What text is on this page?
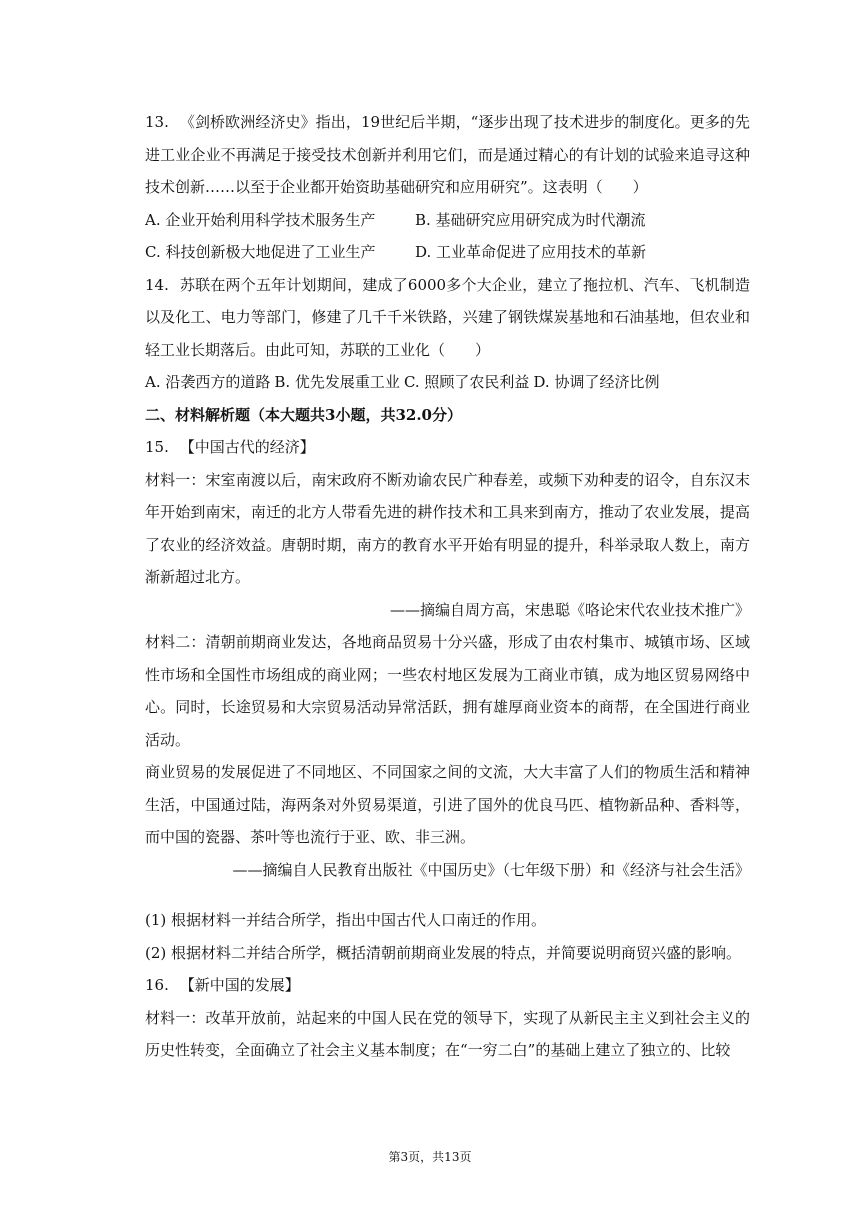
13. 《剑桥欧洲经济史》指出，19世纪后半期，“逐步出现了技术进步的制度化。更多的先进工业企业不再满足于接受技术创新并利用它们，而是通过精心的有计划的试验来追寻这种技术创新……以至于企业都开始资助基础研究和应用研究”。这表明（　　）

A. 企业开始利用科学技术服务生产	B. 基础研究应用研究成为时代潮流
C. 科技创新极大地促进了工业生产	D. 工业革命促进了应用技术的革新

14. 苏联在两个五年计划期间，建成了6000多个大企业，建立了拖拉机、汽车、飞机制造以及化工、电力等部门，修建了几千千米铁路，兴建了钢铁煤炭基地和石油基地，但农业和轻工业长期落后。由此可知，苏联的工业化（　　）

A. 沿袭西方的道路 B. 优先发展重工业 C. 照顾了农民利益 D. 协调了经济比例

二、材料解析题（本大题共3小题，共32.0分）

15. 【中国古代的经济】

材料一：宋室南渡以后，南宋政府不断劝谕农民广种春差，或频下劝种麦的诏令，自东汉末年开始到南宋，南迁的北方人带看先进的耕作技术和工具来到南方，推动了农业发展，提高了农业的经济效益。唐朝时期，南方的教育水平开始有明显的提升，科举录取人数上，南方渐新超过北方。

——摘编自周方高，宋患聪《咯论宋代农业技术推广》

材料二：清朝前期商业发达，各地商品贸易十分兴盛，形成了由农村集市、城镇市场、区域性市场和全国性市场组成的商业网；一些农村地区发展为工商业市镇，成为地区贸易网络中心。同时，长途贸易和大宗贸易活动异常活跃，拥有雄厚商业资本的商帮，在全国进行商业活动。

商业贸易的发展促进了不同地区、不同国家之间的文流，大大丰富了人们的物质生活和精神生活，中国通过陆，海两条对外贸易渠道，引进了国外的优良马匹、植物新品种、香料等，而中国的瓷器、茶叶等也流行于亚、欧、非三洲。

——摘编自人民教育出版社《中国历史》（七年级下册）和《经济与社会生活》

(1) 根据材料一并结合所学，指出中国古代人口南迁的作用。

(2) 根据材料二并结合所学，概括清朝前期商业发展的特点，并简要说明商贸兴盛的影响。

16. 【新中国的发展】

材料一：改革开放前，站起来的中国人民在党的领导下，实现了从新民主主义到社会主义的历史性转变，全面确立了社会主义基本制度；在“一穷二白”的基础上建立了独立的、比较

第3页，共13页
